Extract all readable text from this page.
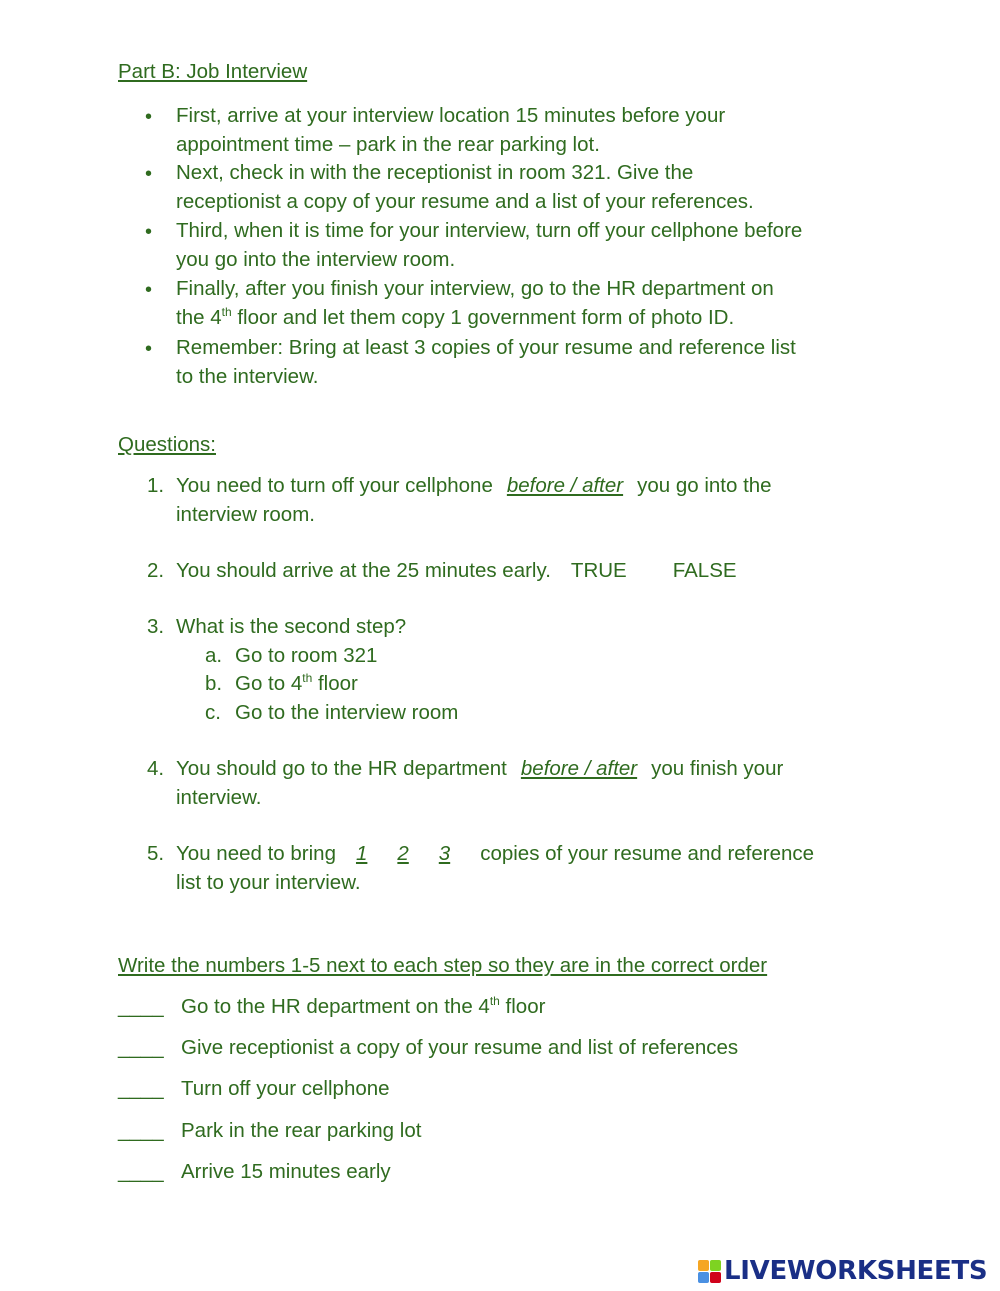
Part B: Job Interview
• First, arrive at your interview location 15 minutes before your
appointment time – park in the rear parking lot.
• Next, check in with the receptionist in room 321. Give the
receptionist a copy of your resume and a list of your references.
• Third, when it is time for your interview, turn off your cellphone before
you go into the interview room.
• Finally, after you finish your interview, go to the HR department on
the 4th floor and let them copy 1 government form of photo ID.
• Remember: Bring at least 3 copies of your resume and reference list
to the interview.
Questions:
1. You need to turn off your cellphone before / after you go into the
interview room.
2. You should arrive at the 25 minutes early. TRUE FALSE
3. What is the second step?
a. Go to room 321
b. Go to 4th floor
c. Go to the interview room
4. You should go to the HR department before / after you finish your
interview.
5. You need to bring 1 2 3 copies of your resume and reference
list to your interview.
Write the numbers 1-5 next to each step so they are in the correct order
____ Go to the HR department on the 4th floor
____ Give receptionist a copy of your resume and list of references
____ Turn off your cellphone
____ Park in the rear parking lot
____ Arrive 15 minutes early
LIVEWORKSHEETS
